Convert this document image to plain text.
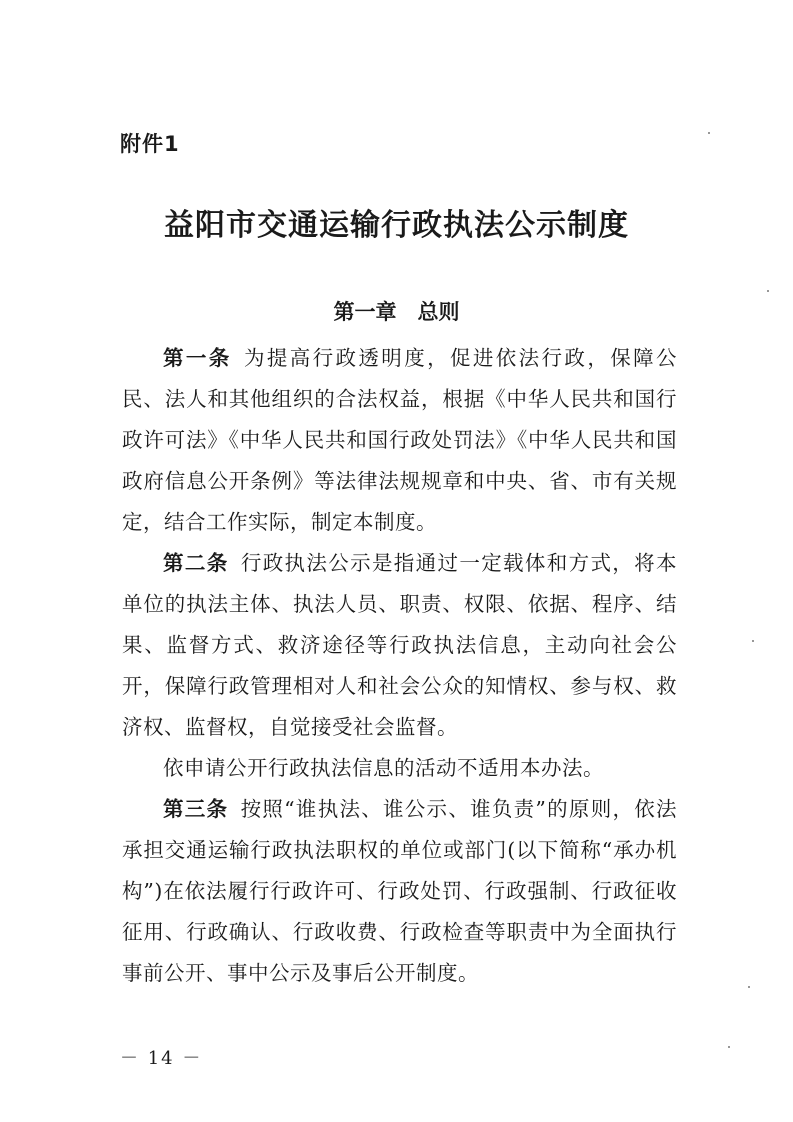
附件1
益阳市交通运输行政执法公示制度
第一章　总则

第一条 为提高行政透明度，促进依法行政，保障公民、法人和其他组织的合法权益，根据《中华人民共和国行政许可法》《中华人民共和国行政处罚法》《中华人民共和国政府信息公开条例》等法律法规规章和中央、省、市有关规定，结合工作实际，制定本制度。

第二条 行政执法公示是指通过一定载体和方式，将本单位的执法主体、执法人员、职责、权限、依据、程序、结果、监督方式、救济途径等行政执法信息，主动向社会公开，保障行政管理相对人和社会公众的知情权、参与权、救济权、监督权，自觉接受社会监督。

依申请公开行政执法信息的活动不适用本办法。

第三条 按照“谁执法、谁公示、谁负责”的原则，依法承担交通运输行政执法职权的单位或部门(以下简称“承办机构”)在依法履行行政许可、行政处罚、行政强制、行政征收征用、行政确认、行政收费、行政检查等职责中为全面执行事前公开、事中公示及事后公开制度。

－ 14 －
